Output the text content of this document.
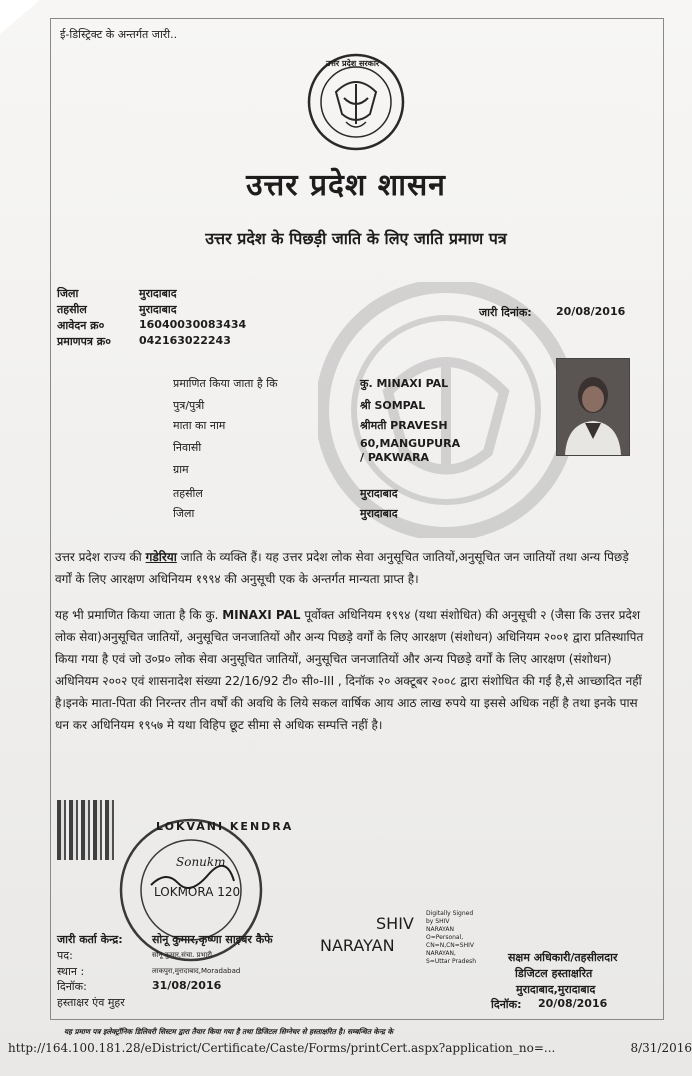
ई-डिस्ट्रिक्ट के अन्तर्गत जारी..
उत्तर प्रदेश सरकार
उत्तर प्रदेश शासन
उत्तर प्रदेश के पिछड़ी जाति के लिए जाति प्रमाण पत्र
जिला	मुरादाबाद
तहसील	मुरादाबाद
आवेदन क्र०	16040030083434
प्रमाणपत्र क्र०	042163022243
जारी दिनांक: 20/08/2016
प्रमाणित किया जाता है कि	कु. MINAXI PAL
पुत्र/पुत्री	श्री SOMPAL
माता का नाम	श्रीमती PRAVESH
निवासी	60,MANGUPURA / PAKWARA
ग्राम
तहसील	मुरादाबाद
जिला	मुरादाबाद
उत्तर प्रदेश राज्य की गडेरिया जाति के व्यक्ति हैं। यह उत्तर प्रदेश लोक सेवा अनुसूचित जातियों,अनुसूचित जन जातियों तथा अन्य पिछड़े वर्गों के लिए आरक्षण अधिनियम १९९४ की अनुसूची एक के अन्तर्गत मान्यता प्राप्त है।
यह भी प्रमाणित किया जाता है कि कु. MINAXI PAL पूर्वोक्त अधिनियम १९९४ (यथा संशोधित) की अनुसूची २ (जैसा कि उत्तर प्रदेश लोक सेवा)अनुसूचित जातियों, अनुसूचित जनजातियों और अन्य पिछड़े वर्गों के लिए आरक्षण (संशोधन) अधिनियम २००१ द्वारा प्रतिस्थापित किया गया है एवं जो उ०प्र० लोक सेवा अनुसूचित जातियों, अनुसूचित जनजातियों और अन्य पिछड़े वर्गों के लिए आरक्षण (संशोधन) अधिनियम २००२ एवं शासनादेश संख्या 22/16/92 टी० सी०-III , दिनॉक २० अक्टूबर २००८ द्वारा संशोधित की गई है,से आच्छादित नहीं है।इनके माता-पिता की निरन्तर तीन वर्षों की अवधि के लिये सकल वार्षिक आय आठ लाख रुपये या इससे अधिक नहीं है तथा इनके पास धन कर अधिनियम १९५७ मे यथा विहिप छूट सीमा से अधिक सम्पत्ति नहीं है।
LOKVANI KENDRA
LOKMORA 120
Sonukm
जारी कर्ता केन्द्र:	सोनू कुमार,कृष्णा साइबर कैफे
पद:	सोनू कुमार,संचा. प्रभारी
स्थान :	लाकपुरा,मुरादाबाद,Moradabad
दिनॉक:	31/08/2016
हस्ताक्षर एंव मुहर
SHIV
NARAYAN
Digitally Signed
by SHIV
NARAYAN
O=Personal,
CN=N,CN=SHIV
NARAYAN,
S=Uttar Pradesh	सक्षम अधिकारी/तहसीलदार
डिजिटल हस्ताक्षरित
मुरादाबाद,मुरादाबाद
दिनॉक: 20/08/2016
यह प्रमाण पत्र इलेक्ट्रॉनिक डिलिवरी सिस्टम द्वारा तैयार किया गया है तथा डिजिटल सिग्नेचर से हस्ताक्षरित है। सम्बन्धित केन्द्र के
http://164.100.181.28/eDistrict/Certificate/Caste/Forms/printCert.aspx?application_no=...	8/31/2016
